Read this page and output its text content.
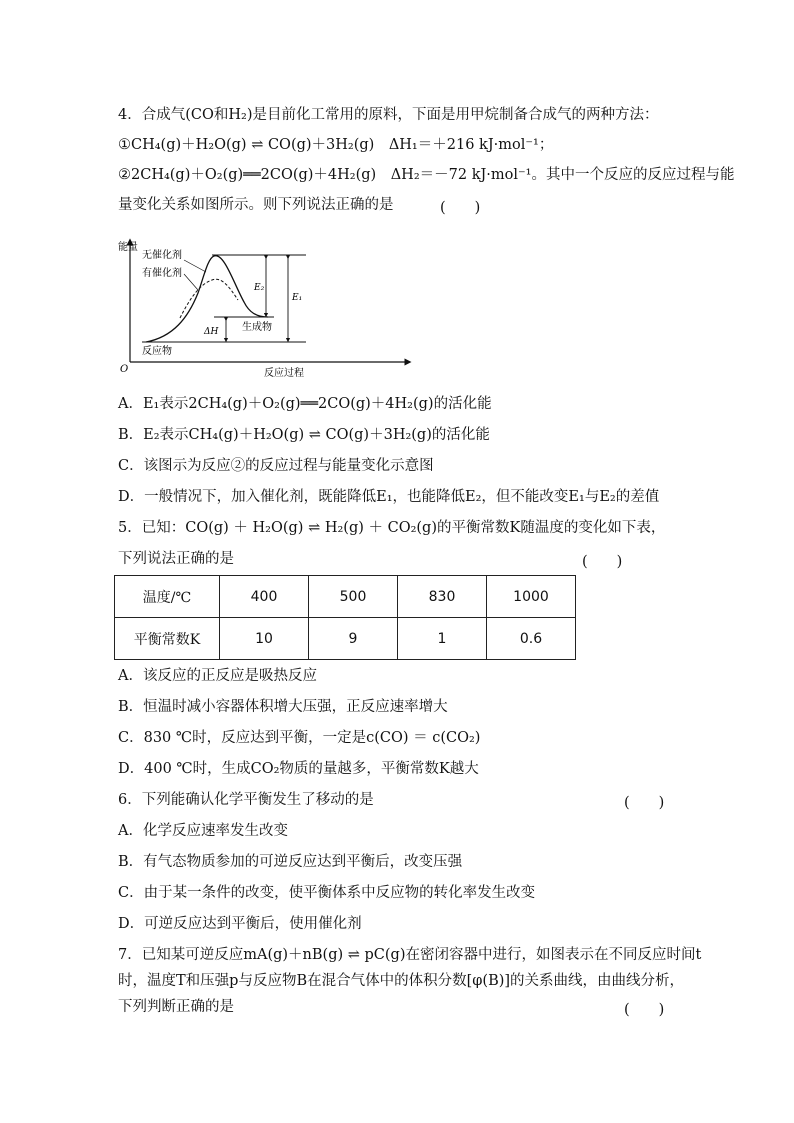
4．合成气(CO和H₂)是目前化工常用的原料，下面是用甲烷制备合成气的两种方法：
①CH₄(g)＋H₂O(g) ⇌ CO(g)＋3H₂(g)　ΔH₁＝＋216 kJ·mol⁻¹；
②2CH₄(g)＋O₂(g)══2CO(g)＋4H₂(g)　ΔH₂＝－72 kJ·mol⁻¹。其中一个反应的反应过程与能
量变化关系如图所示。则下列说法正确的是	(　　)
能量
O	反应过程
无催化剂
有催化剂
E₂
E₁
ΔH 生成物
反应物
A．E₁表示2CH₄(g)＋O₂(g)══2CO(g)＋4H₂(g)的活化能
B．E₂表示CH₄(g)＋H₂O(g) ⇌ CO(g)＋3H₂(g)的活化能
C．该图示为反应②的反应过程与能量变化示意图
D．一般情况下，加入催化剂，既能降低E₁，也能降低E₂，但不能改变E₁与E₂的差值
5．已知：CO(g) ＋ H₂O(g) ⇌ H₂(g) ＋ CO₂(g)的平衡常数K随温度的变化如下表，
下列说法正确的是	(　　)
温度/℃	400	500	830	1000
平衡常数K	10	9	1	0.6
A．该反应的正反应是吸热反应
B．恒温时减小容器体积增大压强，正反应速率增大
C．830 ℃时，反应达到平衡，一定是c(CO) ＝ c(CO₂)
D．400 ℃时，生成CO₂物质的量越多，平衡常数K越大
6．下列能确认化学平衡发生了移动的是	(　　)
A．化学反应速率发生改变
B．有气态物质参加的可逆反应达到平衡后，改变压强
C．由于某一条件的改变，使平衡体系中反应物的转化率发生改变
D．可逆反应达到平衡后，使用催化剂
7．已知某可逆反应mA(g)＋nB(g) ⇌ pC(g)在密闭容器中进行，如图表示在不同反应时间t
时，温度T和压强p与反应物B在混合气体中的体积分数[φ(B)]的关系曲线，由曲线分析，
下列判断正确的是	(　　)
